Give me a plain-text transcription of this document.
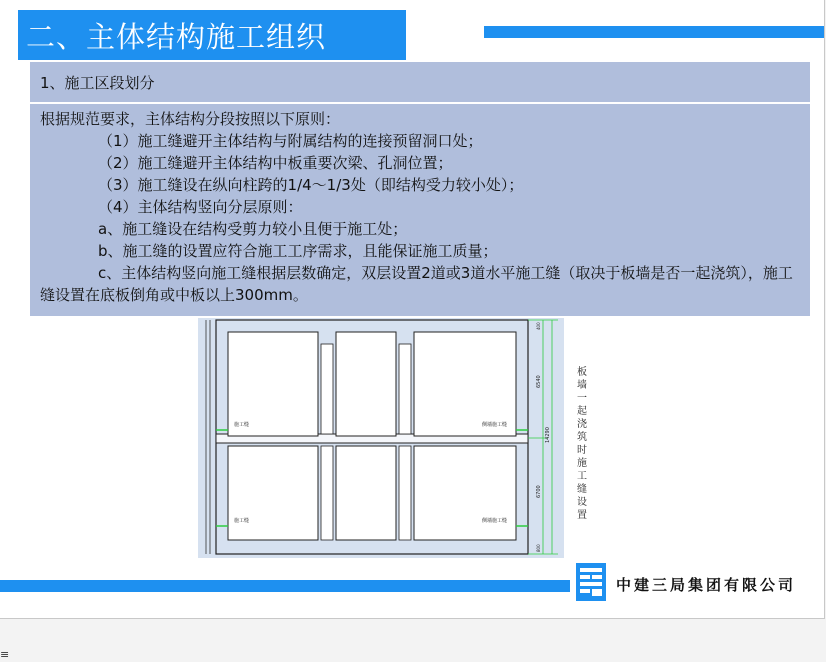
二、主体结构施工组织
1、施工区段划分
根据规范要求，主体结构分段按照以下原则：
（1）施工缝避开主体结构与附属结构的连接预留洞口处；
（2）施工缝避开主体结构中板重要次梁、孔洞位置；
（3）施工缝设在纵向柱跨的1/4～1/3处（即结构受力较小处）；
（4）主体结构竖向分层原则：
a、施工缝设在结构受剪力较小且便于施工处；
b、施工缝的设置应符合施工工序需求，且能保证施工质量；
c、主体结构竖向施工缝根据层数确定，双层设置2道或3道水平施工缝（取决于板墙是否一起浇筑），施工缝设置在底板倒角或中板以上300mm。
施工缝
施工缝
侧墙施工缝
侧墙施工缝
6540
14290
6700
400
800
板墙一起浇筑时施工缝设置
中建三局集团有限公司
≡
